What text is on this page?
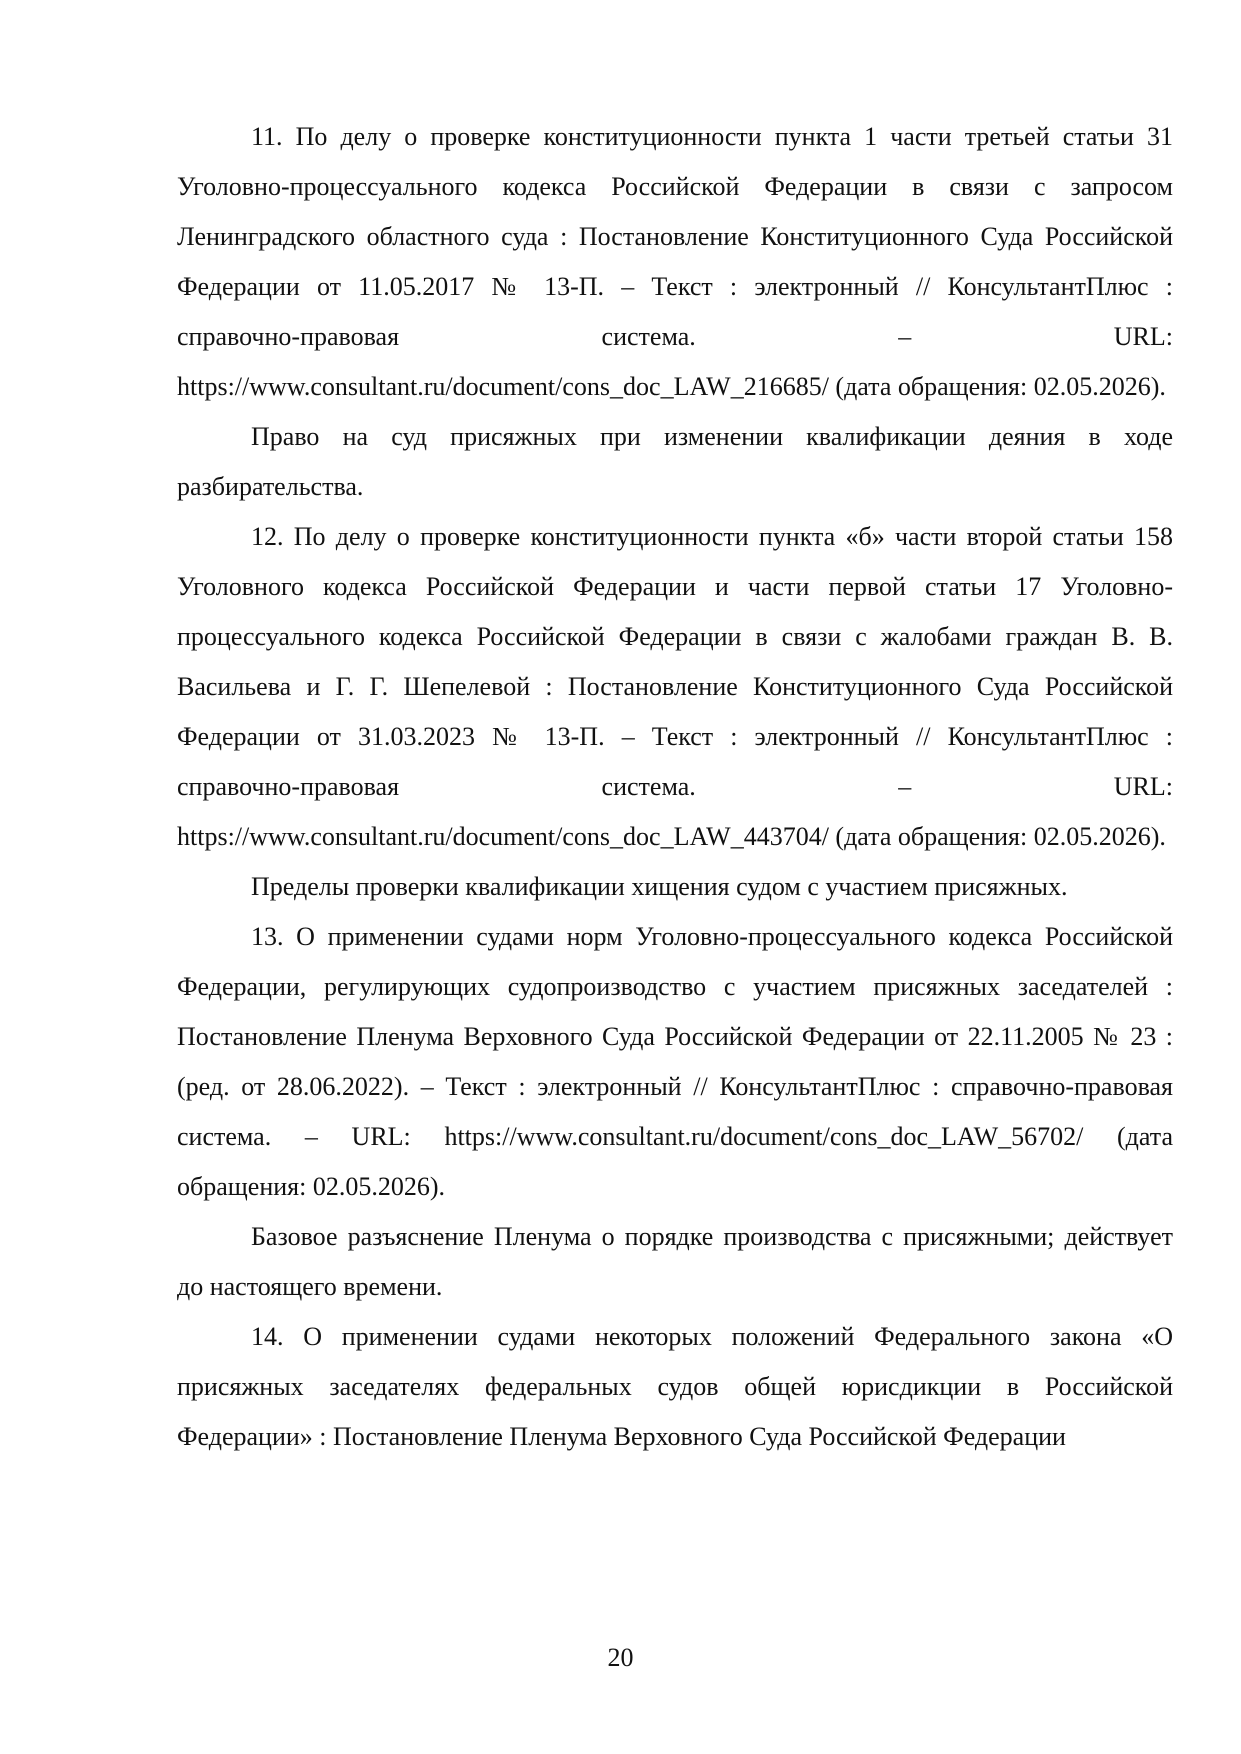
11. По делу о проверке конституционности пункта 1 части третьей статьи 31 Уголовно-процессуального кодекса Российской Федерации в связи с запросом Ленинградского областного суда : Постановление Конституционного Суда Российской Федерации от 11.05.2017 № 13-П. – Текст : электронный // КонсультантПлюс : справочно-правовая система. – URL: https://www.consultant.ru/document/cons_doc_LAW_216685/ (дата обращения: 02.05.2026).

Право на суд присяжных при изменении квалификации деяния в ходе разбирательства.

12. По делу о проверке конституционности пункта «б» части второй статьи 158 Уголовного кодекса Российской Федерации и части первой статьи 17 Уголовно-процессуального кодекса Российской Федерации в связи с жалобами граждан В. В. Васильева и Г. Г. Шепелевой : Постановление Конституционного Суда Российской Федерации от 31.03.2023 № 13-П. – Текст : электронный // КонсультантПлюс : справочно-правовая система. – URL: https://www.consultant.ru/document/cons_doc_LAW_443704/ (дата обращения: 02.05.2026).

Пределы проверки квалификации хищения судом с участием присяжных.

13. О применении судами норм Уголовно-процессуального кодекса Российской Федерации, регулирующих судопроизводство с участием присяжных заседателей : Постановление Пленума Верховного Суда Российской Федерации от 22.11.2005 № 23 : (ред. от 28.06.2022). – Текст : электронный // КонсультантПлюс : справочно-правовая система. – URL: https://www.consultant.ru/document/cons_doc_LAW_56702/ (дата обращения: 02.05.2026).

Базовое разъяснение Пленума о порядке производства с присяжными; действует до настоящего времени.

14. О применении судами некоторых положений Федерального закона «О присяжных заседателях федеральных судов общей юрисдикции в Российской Федерации» : Постановление Пленума Верховного Суда Российской Федерации

20
